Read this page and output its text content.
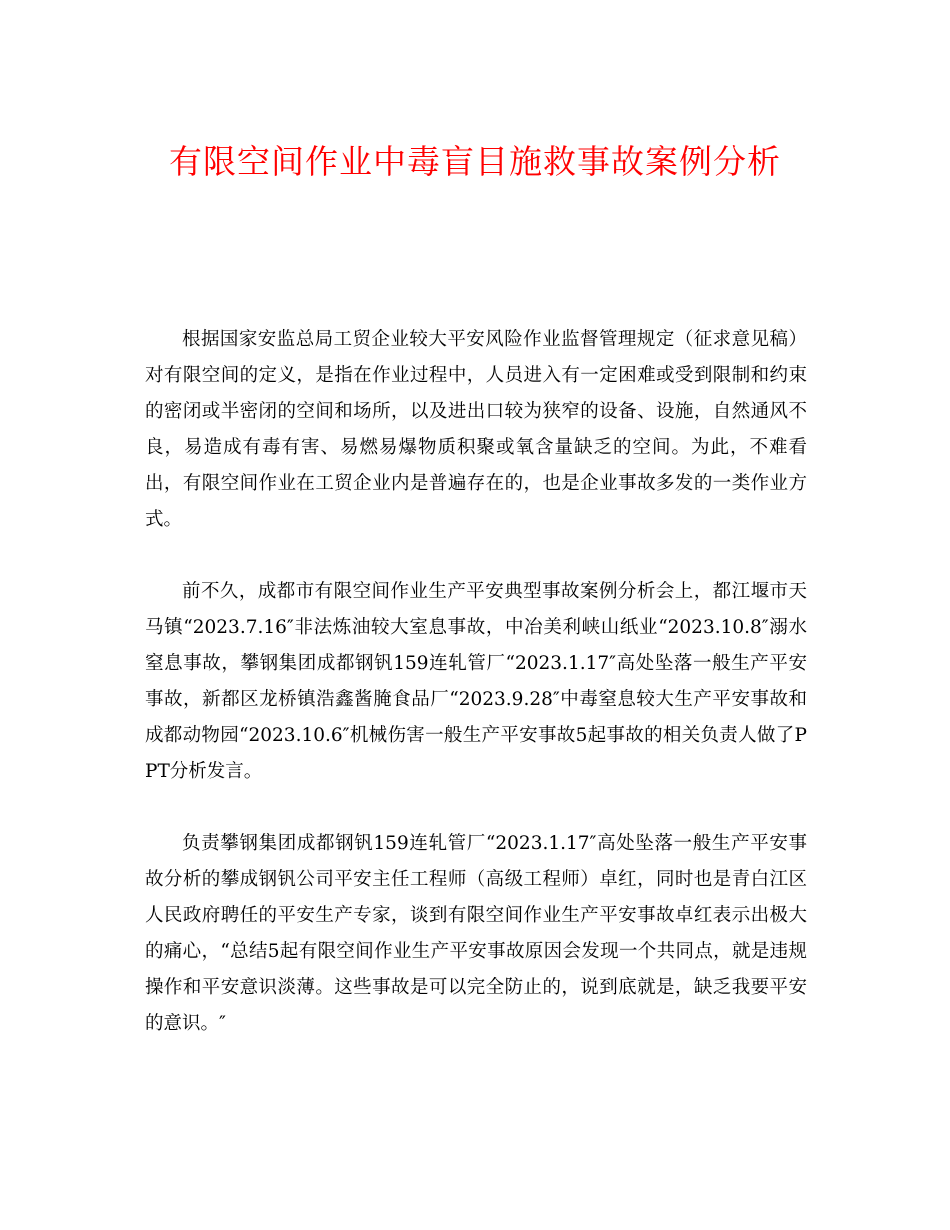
有限空间作业中毒盲目施救事故案例分析

根据国家安监总局工贸企业较大平安风险作业监督管理规定（征求意见稿）对有限空间的定义，是指在作业过程中，人员进入有一定困难或受到限制和约束的密闭或半密闭的空间和场所，以及进出口较为狭窄的设备、设施，自然通风不良，易造成有毒有害、易燃易爆物质积聚或氧含量缺乏的空间。为此，不难看出，有限空间作业在工贸企业内是普遍存在的，也是企业事故多发的一类作业方式。

前不久，成都市有限空间作业生产平安典型事故案例分析会上，都江堰市天马镇“2023.7.16″非法炼油较大室息事故，中冶美利峡山纸业“2023.10.8″溺水窒息事故，攀钢集团成都钢钒159连轧管厂“2023.1.17″高处坠落一般生产平安事故，新都区龙桥镇浩鑫酱腌食品厂“2023.9.28″中毒窒息较大生产平安事故和成都动物园“2023.10.6″机械伤害一般生产平安事故5起事故的相关负责人做了PPT分析发言。

负责攀钢集团成都钢钒159连轧管厂“2023.1.17″高处坠落一般生产平安事故分析的攀成钢钒公司平安主任工程师（高级工程师）卓红，同时也是青白江区人民政府聘任的平安生产专家，谈到有限空间作业生产平安事故卓红表示出极大的痛心，“总结5起有限空间作业生产平安事故原因会发现一个共同点，就是违规操作和平安意识淡薄。这些事故是可以完全防止的，说到底就是，缺乏我要平安的意识。″
